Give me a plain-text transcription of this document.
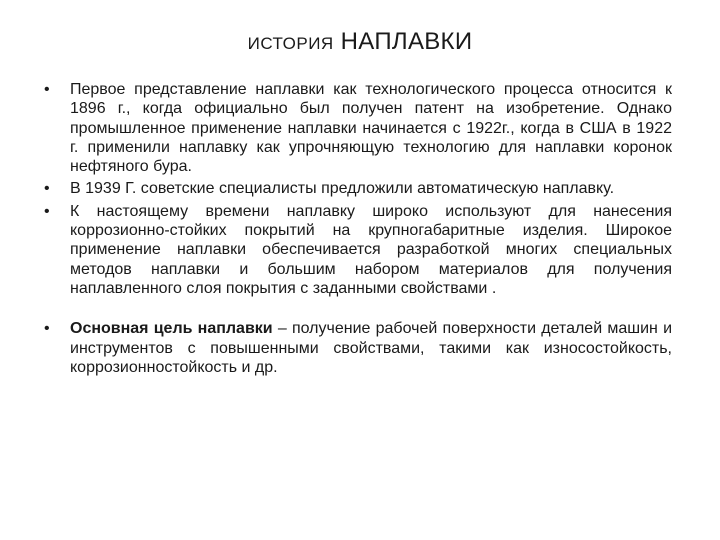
ИСТОРИЯ НАПЛАВКИ
• Первое представление наплавки как технологического процесса относится к 1896 г., когда официально был получен патент на изобретение. Однако промышленное применение наплавки начинается с 1922г., когда в США в 1922 г. применили наплавку как упрочняющую технологию для наплавки коронок нефтяного бура.
• В 1939 Г. советские специалисты предложили автоматическую наплавку.
• К настоящему времени наплавку широко используют для нанесения коррозионно-стойких покрытий на крупногабаритные изделия. Широкое применение наплавки обеспечивается разработкой многих специальных методов наплавки и большим набором материалов для получения наплавленного слоя покрытия с заданными свойствами .
• Основная цель наплавки – получение рабочей поверхности деталей машин и инструментов с повышенными свойствами, такими как износостойкость, коррозионностойкость и др.
